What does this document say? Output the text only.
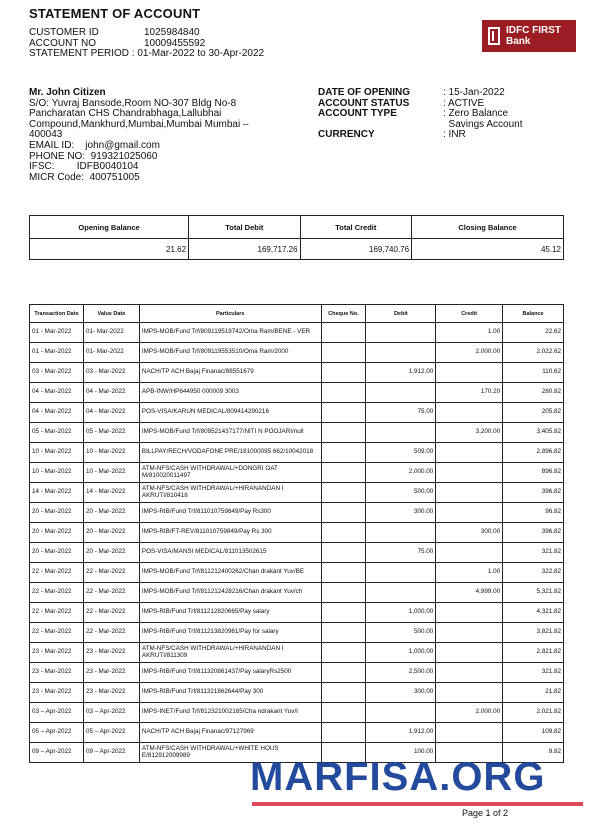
STATEMENT OF ACCOUNT
CUSTOMER ID	1025984840
ACCOUNT NO	10009455592
STATEMENT PERIOD : 01-Mar-2022 to 30-Apr-2022
IDFC FIRST
Bank
Mr. John Citizen
S/O: Yuvraj Bansode,Room NO-307 Bldg No-8 Pancharatan CHS Chandrabhaga,Lallubhai Compound,Mankhurd,Mumbai,Mumbai Mumbai – 400043
EMAIL ID:    john@gmail.com
PHONE NO:  919321025060
IFSC:        IDFB0040104
MICR Code:  400751005
DATE OF OPENING	: 15-Jan-2022
ACCOUNT STATUS	: ACTIVE
ACCOUNT TYPE	: Zero Balance
Savings Account
CURRENCY	: INR
Opening Balance	Total Debit	Total Credit	Closing Balance
21.62	169,717.26	169,740.76	45.12
Transaction Date	Value Date	Particulars	Cheque No.	Debit	Credit	Balance
01 - Mar-2022	01- Mar-2022	IMPS-MOB/Fund Trf/809119519742/Oma Ram/BENE - VER			1.00	22.62
01 - Mar-2022	01- Mar-2022	IMPS-MOB/Fund Trf/809119553510/Oma Ram/2000			2,000.00	2,022.62
03 - Mar-2022	03 - Mar-2022	NACH/TP ACH Bajaj Finanac/88551679		1,912.00		110.62
04 - Mar-2022	04 - Mar-2022	APB-INW/HP644950 000009 3003			170.20	280.82
04 - Mar-2022	04 - Mar-2022	POS-VISA/KARUN MEDICAL/809414290216		75.00		205.82
05 - Mar-2022	05 - Mar-2022	IMPS-MOB/Fund Trf/809521437177/NITI N POOJARI/null			3,200.00	3,405.82
10 - Mar-2022	10 - Mar-2022	BILLPAY/RECH/VODAFONE PRE/181000095 662/10042018		509.00		2,896.82
10 - Mar-2022	10 - Mar-2022	ATM-NFS/CASH WITHDRAWAL/+DONGRI OAT M/810020011497		2,000.00		896.82
14 - Mar-2022	14 - Mar-2022	ATM-NFS/CASH WITHDRAWAL/+HIRANANDAN I AKRUTI/810418		500.00		396.82
20 - Mar-2022	20 - Mar-2022	IMPS-RIB/Fund Trf/811010759849/Pay Rs300		300.00		96.82
20 - Mar-2022	20 - Mar-2022	IMPS-RIB/FT-REV/811010759849/Pay Rs 300			300.00	396.82
20 - Mar-2022	20 - Mar-2022	POS-VISA/MANSI MEDICAL/811013502615		75.00		321.82
22 - Mar-2022	22 - Mar-2022	IMPS-MOB/Fund Trf/811212400262/Chan drakant Yuv/BE			1.00	322.82
22 - Mar-2022	22 - Mar-2022	IMPS-MOB/Fund Trf/811212428216/Chan drakant Yuv/ch			4,999.00	5,321.82
22 - Mar-2022	22 - Mar-2022	IMPS-RIB/Fund Trf/811212820665/Pay salary		1,000.00		4,321.82
22 - Mar-2022	22 - Mar-2022	IMPS-RIB/Fund Trf/811213820961/Pay for salary		500.00		3,821.82
23 - Mar-2022	23 - Mar-2022	ATM-NFS/CASH WITHDRAWAL/+HIRANANDAN I AKRUTI/811309		1,000.00		2,821.82
23 - Mar-2022	23 - Mar-2022	IMPS-RIB/Fund Trf/811320861437/Pay salaryRs2500		2,500.00		321.82
23 - Mar-2022	23 - Mar-2022	IMPS-RIB/Fund Trf/811321862644/Pay 300		300.00		21.82
03 – Apr-2022	03 – Apr-2022	IMPS-INET/Fund Trf/812321002185/Cha ndrakant Yuv/I			2,000.00	2,021.82
05 – Apr-2022	05 – Apr-2022	NACH/TP ACH Bajaj Finanac/97127969		1,912.00		109.82
09 – Apr-2022	09 – Apr-2022	ATM-NFS/CASH WITHDRAWAL/+WHITE HOUS E/812912009989		100.00		9.82
MARFISA.ORG
Page 1 of 2
